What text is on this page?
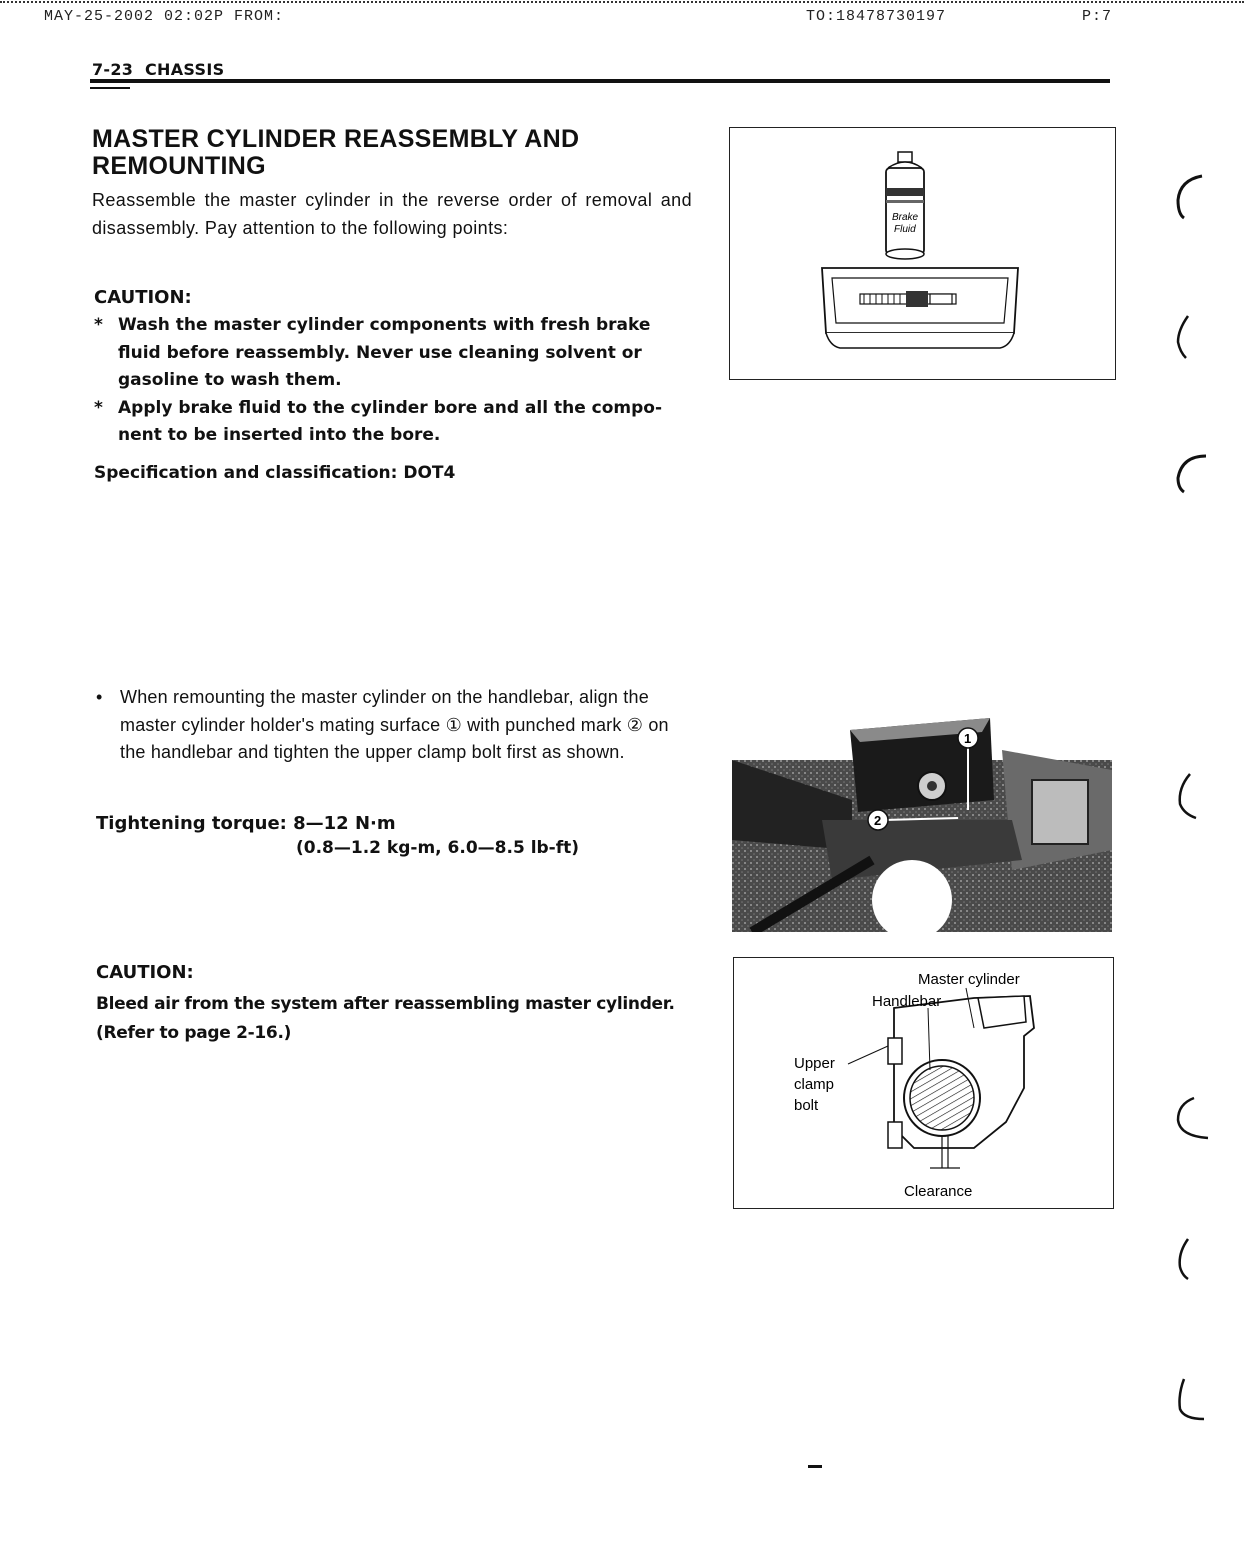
MAY-25-2002 02:02P FROM:	TO:18478730197	P:7
7-23  CHASSIS
MASTER CYLINDER REASSEMBLY AND REMOUNTING

Reassemble the master cylinder in the reverse order of removal and disassembly. Pay attention to the following points:

CAUTION:
* Wash the master cylinder components with fresh brake fluid before reassembly. Never use cleaning solvent or gasoline to wash them.
* Apply brake fluid to the cylinder bore and all the compo-nent to be inserted into the bore.
Specification and classification: DOT4
Brake
Fluid
• When remounting the master cylinder on the handlebar, align the master cylinder holder's mating surface ① with punched mark ② on the handlebar and tighten the upper clamp bolt first as shown.
Tightening torque: 8—12 N·m
(0.8—1.2 kg-m, 6.0—8.5 lb-ft)
1
2
CAUTION:
Bleed air from the system after reassembling master cylinder.
(Refer to page 2-16.)
Master cylinder
Handlebar
Upper
clamp
bolt
Clearance
